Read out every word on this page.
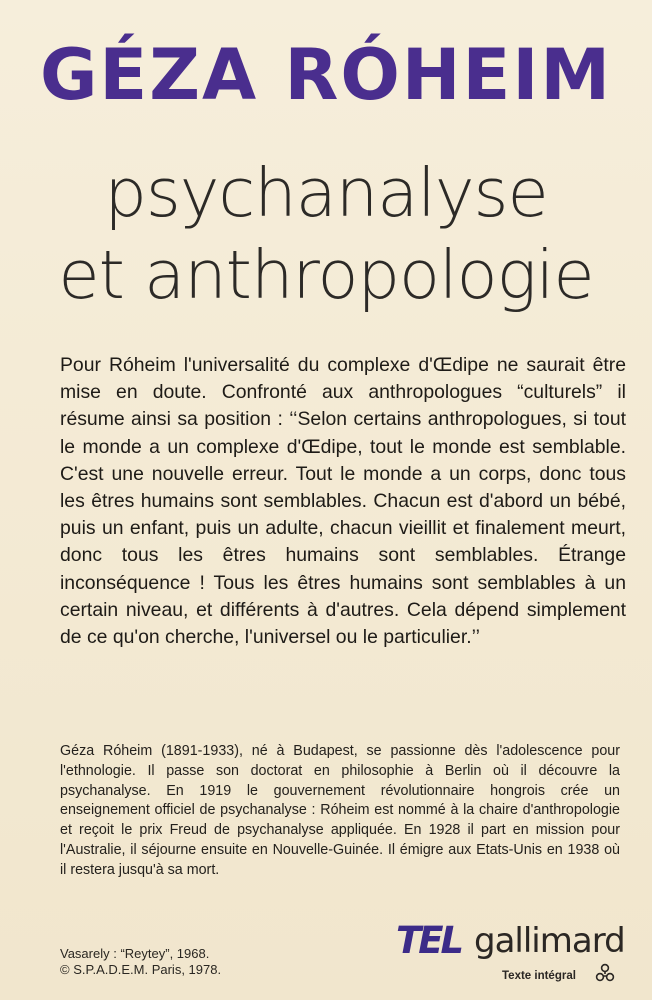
GÉZA RÓHEIM
psychanalyse
et anthropologie
Pour Róheim l'universalité du complexe d'Œdipe ne saurait être mise en doute. Confronté aux anthropologues “culturels” il résume ainsi sa position : ‘‘Selon certains anthropologues, si tout le monde a un complexe d'Œdipe, tout le monde est semblable. C'est une nouvelle erreur. Tout le monde a un corps, donc tous les êtres humains sont semblables. Chacun est d'abord un bébé, puis un enfant, puis un adulte, chacun vieillit et finalement meurt, donc tous les êtres humains sont semblables. Étrange inconséquence ! Tous les êtres humains sont semblables à un certain niveau, et différents à d'autres. Cela dépend simplement de ce qu'on cherche, l'universel ou le particulier.’’
Géza Róheim (1891-1933), né à Budapest, se passionne dès l'adolescence pour l'ethnologie. Il passe son doctorat en philosophie à Berlin où il découvre la psychanalyse. En 1919 le gouvernement révolutionnaire hongrois crée un enseignement officiel de psychanalyse : Róheim est nommé à la chaire d'anthropologie et reçoit le prix Freud de psychanalyse appliquée. En 1928 il part en mission pour l'Australie, il séjourne ensuite en Nouvelle-Guinée. Il émigre aux Etats-Unis en 1938 où il restera jusqu'à sa mort.
Vasarely : “Reytey”, 1968.
© S.P.A.D.E.M. Paris, 1978.
TEL gallimard
Texte intégral
